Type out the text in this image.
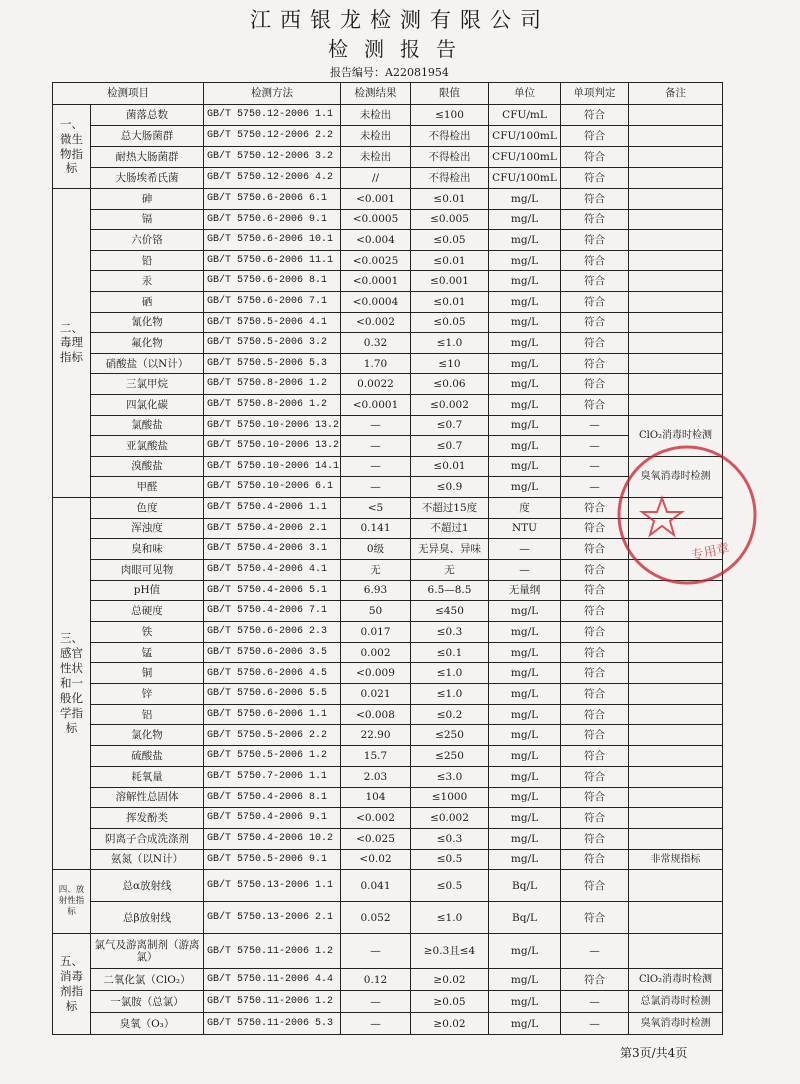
江西银龙检测有限公司
检测报告
报告编号：A22081954
检测项目		检测方法	检测结果	限值	单位	单项判定	备注
一、微生物指标	菌落总数	GB/T 5750.12-2006 1.1	未检出	≤100	CFU/mL	符合	
	总大肠菌群	GB/T 5750.12-2006 2.2	未检出	不得检出	CFU/100mL	符合	
	耐热大肠菌群	GB/T 5750.12-2006 3.2	未检出	不得检出	CFU/100mL	符合	
	大肠埃希氏菌	GB/T 5750.12-2006 4.2	//	不得检出	CFU/100mL	符合	
二、毒理指标	砷	GB/T 5750.6-2006 6.1	<0.001	≤0.01	mg/L	符合	
	镉	GB/T 5750.6-2006 9.1	<0.0005	≤0.005	mg/L	符合	
	六价铬	GB/T 5750.6-2006 10.1	<0.004	≤0.05	mg/L	符合	
	铅	GB/T 5750.6-2006 11.1	<0.0025	≤0.01	mg/L	符合	
	汞	GB/T 5750.6-2006 8.1	<0.0001	≤0.001	mg/L	符合	
	硒	GB/T 5750.6-2006 7.1	<0.0004	≤0.01	mg/L	符合	
	氰化物	GB/T 5750.5-2006 4.1	<0.002	≤0.05	mg/L	符合	
	氟化物	GB/T 5750.5-2006 3.2	0.32	≤1.0	mg/L	符合	
	硝酸盐（以N计）	GB/T 5750.5-2006 5.3	1.70	≤10	mg/L	符合	
	三氯甲烷	GB/T 5750.8-2006 1.2	0.0022	≤0.06	mg/L	符合	
	四氯化碳	GB/T 5750.8-2006 1.2	<0.0001	≤0.002	mg/L	符合	
	氯酸盐	GB/T 5750.10-2006 13.2	—	≤0.7	mg/L	—	ClO₂消毒时检测
	亚氯酸盐	GB/T 5750.10-2006 13.2	—	≤0.7	mg/L	—	
	溴酸盐	GB/T 5750.10-2006 14.1	—	≤0.01	mg/L	—	臭氧消毒时检测
	甲醛	GB/T 5750.10-2006 6.1	—	≤0.9	mg/L	—	
三、感官性状和一般化学指标	色度	GB/T 5750.4-2006 1.1	<5	不超过15度	度	符合	
	浑浊度	GB/T 5750.4-2006 2.1	0.141	不超过1	NTU	符合	
	臭和味	GB/T 5750.4-2006 3.1	0级	无异臭、异味	—	符合	
	肉眼可见物	GB/T 5750.4-2006 4.1	无	无	—	符合	
	pH值	GB/T 5750.4-2006 5.1	6.93	6.5—8.5	无量纲	符合	
	总硬度	GB/T 5750.4-2006 7.1	50	≤450	mg/L	符合	
	铁	GB/T 5750.6-2006 2.3	0.017	≤0.3	mg/L	符合	
	锰	GB/T 5750.6-2006 3.5	0.002	≤0.1	mg/L	符合	
	铜	GB/T 5750.6-2006 4.5	<0.009	≤1.0	mg/L	符合	
	锌	GB/T 5750.6-2006 5.5	0.021	≤1.0	mg/L	符合	
	铝	GB/T 5750.6-2006 1.1	<0.008	≤0.2	mg/L	符合	
	氯化物	GB/T 5750.5-2006 2.2	22.90	≤250	mg/L	符合	
	硫酸盐	GB/T 5750.5-2006 1.2	15.7	≤250	mg/L	符合	
	耗氧量	GB/T 5750.7-2006 1.1	2.03	≤3.0	mg/L	符合	
	溶解性总固体	GB/T 5750.4-2006 8.1	104	≤1000	mg/L	符合	
	挥发酚类	GB/T 5750.4-2006 9.1	<0.002	≤0.002	mg/L	符合	
	阴离子合成洗涤剂	GB/T 5750.4-2006 10.2	<0.025	≤0.3	mg/L	符合	
	氨氮（以N计）	GB/T 5750.5-2006 9.1	<0.02	≤0.5	mg/L	符合	非常规指标
四、放射性指标	总α放射线	GB/T 5750.13-2006 1.1	0.041	≤0.5	Bq/L	符合	
	总β放射线	GB/T 5750.13-2006 2.1	0.052	≤1.0	Bq/L	符合	
五、消毒剂指标	氯气及游离制剂（游离氯）	GB/T 5750.11-2006 1.2	—	≥0.3且≤4	mg/L	—	
	二氧化氯（ClO₂）	GB/T 5750.11-2006 4.4	0.12	≥0.02	mg/L	符合	ClO₂消毒时检测
	一氯胺（总氯）	GB/T 5750.11-2006 1.2	—	≥0.05	mg/L	—	总氯消毒时检测
	臭氧（O₃）	GB/T 5750.11-2006 5.3	—	≥0.02	mg/L	—	臭氧消毒时检测
专用章
第3页/共4页
